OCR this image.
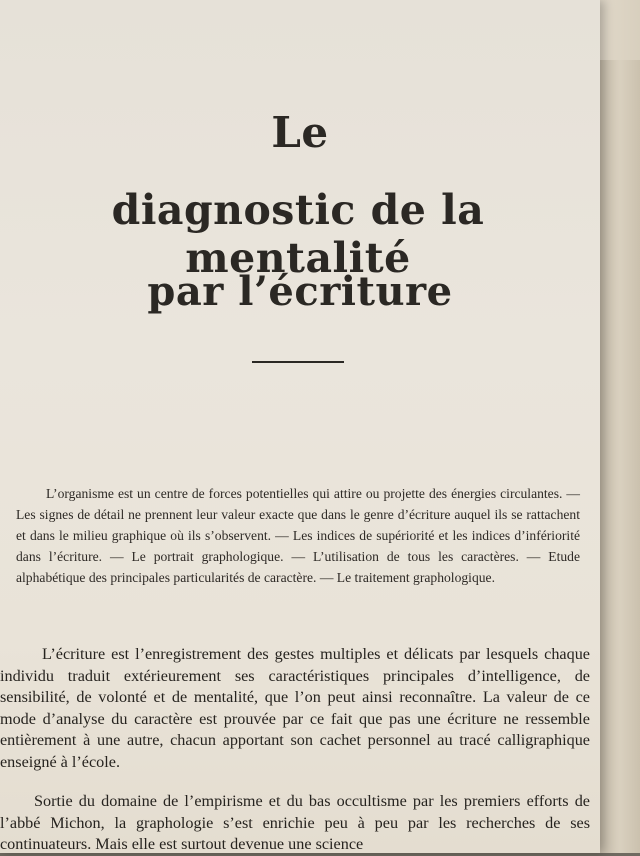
Le
diagnostic de la mentalité
par l’écriture

L’organisme est un centre de forces potentielles qui attire ou projette des énergies circulantes. — Les signes de détail ne prennent leur valeur exacte que dans le genre d’écriture auquel ils se rattachent et dans le milieu graphique où ils s’observent. — Les indices de supériorité et les indices d’infériorité dans l’écriture. — Le portrait graphologique. — L’utilisation de tous les caractères. — Etude alphabétique des principales particularités de caractère. — Le traitement graphologique.

L’écriture est l’enregistrement des gestes multiples et délicats par lesquels chaque individu traduit extérieurement ses caractéristiques principales d’intelligence, de sensibilité, de volonté et de mentalité, que l’on peut ainsi reconnaître. La valeur de ce mode d’analyse du caractère est prouvée par ce fait que pas une écriture ne ressemble entièrement à une autre, chacun apportant son cachet personnel au tracé calligraphique enseigné à l’école.

Sortie du domaine de l’empirisme et du bas occultisme par les premiers efforts de l’abbé Michon, la graphologie s’est enrichie peu à peu par les recherches de ses continuateurs. Mais elle est surtout devenue une science
